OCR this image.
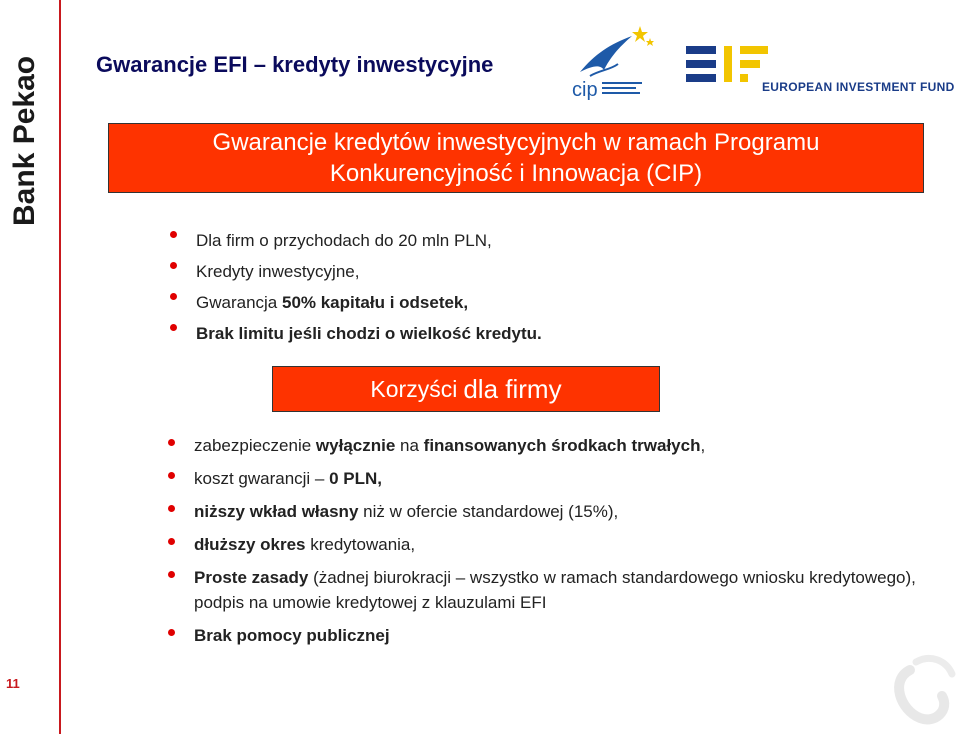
Bank Pekao
11
Gwarancje EFI – kredyty inwestycyjne
cip	EUROPEAN INVESTMENT FUND
Gwarancje kredytów inwestycyjnych w ramach Programu
Konkurencyjność i Innowacja (CIP)
Dla firm o przychodach do 20 mln PLN,
Kredyty inwestycyjne,
Gwarancja 50% kapitału i odsetek,
Brak limitu jeśli chodzi o wielkość kredytu.
Korzyści dla firmy
zabezpieczenie wyłącznie na finansowanych środkach trwałych,
koszt gwarancji – 0 PLN,
niższy wkład własny niż w ofercie standardowej (15%),
dłuższy okres kredytowania,
Proste zasady (żadnej biurokracji – wszystko w ramach standardowego wniosku kredytowego), podpis na umowie kredytowej z klauzulami EFI
Brak pomocy publicznej
